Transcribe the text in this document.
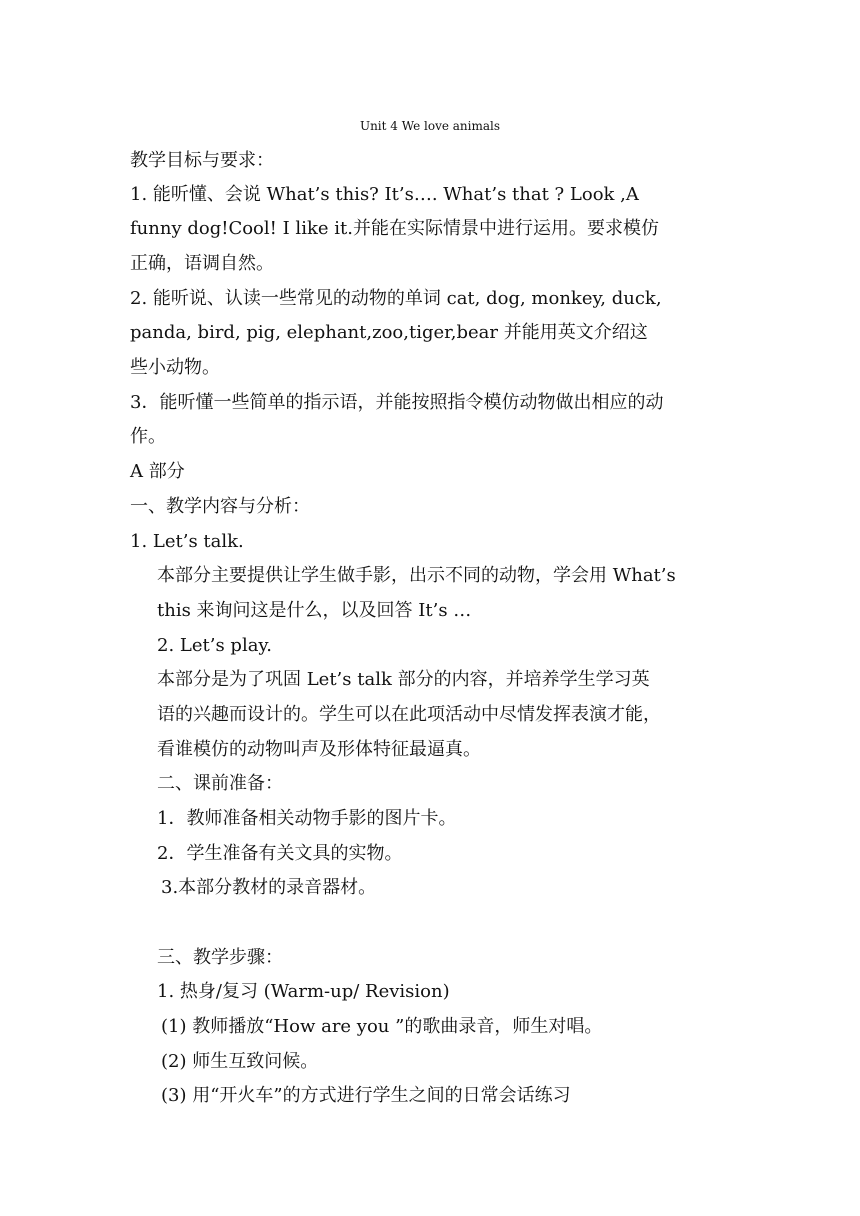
Unit 4 We love animals
教学目标与要求：
1. 能听懂、会说 What’s this? It’s…. What’s that ? Look ,A
funny dog!Cool! I like it.并能在实际情景中进行运用。要求模仿
正确，语调自然。
2. 能听说、认读一些常见的动物的单词 cat, dog, monkey, duck,
panda, bird, pig, elephant,zoo,tiger,bear 并能用英文介绍这
些小动物。
3．能听懂一些简单的指示语，并能按照指令模仿动物做出相应的动
作。
A 部分
一、教学内容与分析：
1. Let’s talk.
本部分主要提供让学生做手影，出示不同的动物，学会用 What’s
this 来询问这是什么，以及回答 It’s …
2. Let’s play.
本部分是为了巩固 Let’s talk 部分的内容，并培养学生学习英
语的兴趣而设计的。学生可以在此项活动中尽情发挥表演才能，
看谁模仿的动物叫声及形体特征最逼真。
二、课前准备：
1．教师准备相关动物手影的图片卡。
2．学生准备有关文具的实物。
3.本部分教材的录音器材。
三、教学步骤：
1. 热身/复习 (Warm-up/ Revision)
(1) 教师播放“How are you ”的歌曲录音，师生对唱。
(2) 师生互致问候。
(3) 用“开火车”的方式进行学生之间的日常会话练习
